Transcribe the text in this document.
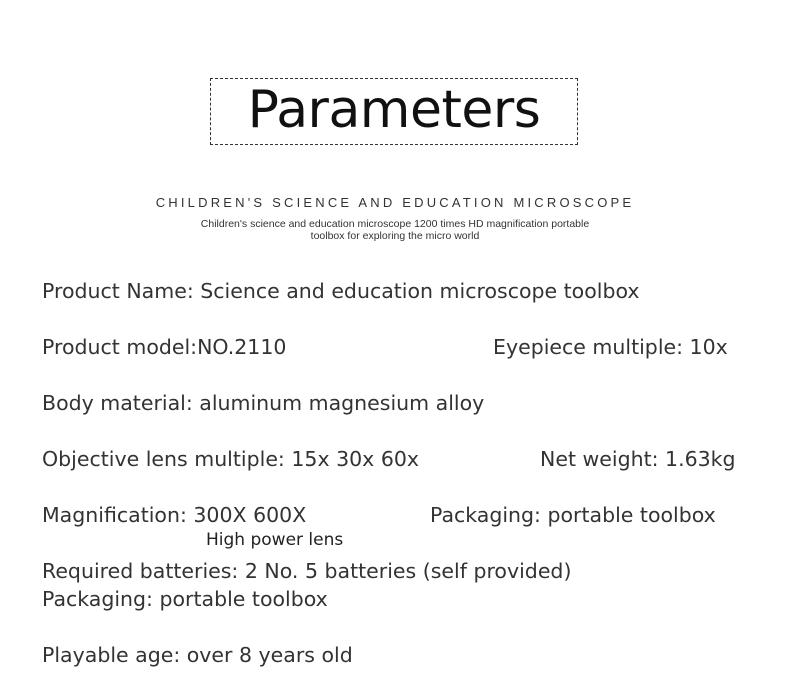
Parameters
CHILDREN'S SCIENCE AND EDUCATION MICROSCOPE
Children's science and education microscope 1200 times HD magnification portable
toolbox for exploring the micro world
Product Name: Science and education microscope toolbox
Product model:NO.2110	Eyepiece multiple: 10x
Body material: aluminum magnesium alloy
Objective lens multiple: 15x 30x 60x	Net weight: 1.63kg
Magnification: 300X 600X	Packaging: portable toolbox
High power lens
Required batteries: 2 No. 5 batteries (self provided)
Packaging: portable toolbox
Playable age: over 8 years old
